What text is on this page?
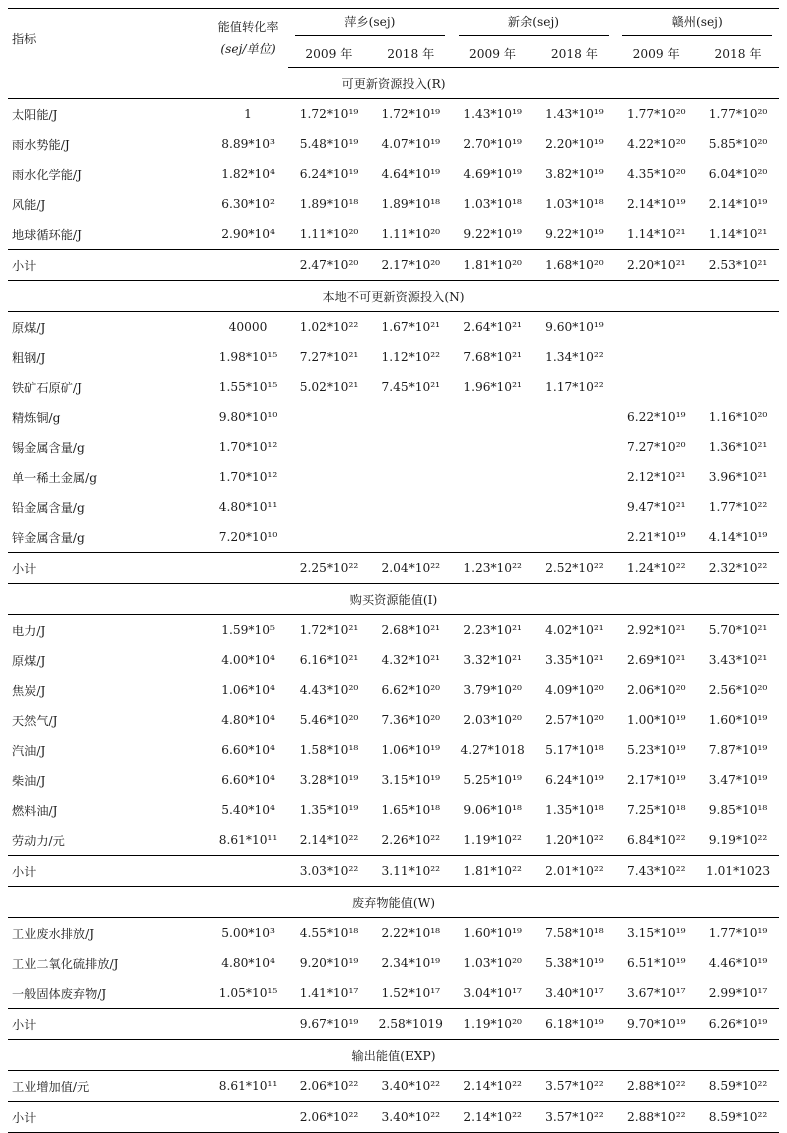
指标	能值转化率
(sej/单位)	萍乡(sej)		新余(sej)		赣州(sej)	
		2009 年	2018 年	2009 年	2018 年	2009 年	2018 年
可更新资源投入(R)							
太阳能/J	1	1.72*10¹⁹	1.72*10¹⁹	1.43*10¹⁹	1.43*10¹⁹	1.77*10²⁰	1.77*10²⁰
雨水势能/J	8.89*10³	5.48*10¹⁹	4.07*10¹⁹	2.70*10¹⁹	2.20*10¹⁹	4.22*10²⁰	5.85*10²⁰
雨水化学能/J	1.82*10⁴	6.24*10¹⁹	4.64*10¹⁹	4.69*10¹⁹	3.82*10¹⁹	4.35*10²⁰	6.04*10²⁰
风能/J	6.30*10²	1.89*10¹⁸	1.89*10¹⁸	1.03*10¹⁸	1.03*10¹⁸	2.14*10¹⁹	2.14*10¹⁹
地球循环能/J	2.90*10⁴	1.11*10²⁰	1.11*10²⁰	9.22*10¹⁹	9.22*10¹⁹	1.14*10²¹	1.14*10²¹
小计		2.47*10²⁰	2.17*10²⁰	1.81*10²⁰	1.68*10²⁰	2.20*10²¹	2.53*10²¹
本地不可更新资源投入(N)							
原煤/J	40000	1.02*10²²	1.67*10²¹	2.64*10²¹	9.60*10¹⁹		
粗钢/J	1.98*10¹⁵	7.27*10²¹	1.12*10²²	7.68*10²¹	1.34*10²²		
铁矿石原矿/J	1.55*10¹⁵	5.02*10²¹	7.45*10²¹	1.96*10²¹	1.17*10²²		
精炼铜/g	9.80*10¹⁰					6.22*10¹⁹	1.16*10²⁰
锡金属含量/g	1.70*10¹²					7.27*10²⁰	1.36*10²¹
单一稀土金属/g	1.70*10¹²					2.12*10²¹	3.96*10²¹
铅金属含量/g	4.80*10¹¹					9.47*10²¹	1.77*10²²
锌金属含量/g	7.20*10¹⁰					2.21*10¹⁹	4.14*10¹⁹
小计		2.25*10²²	2.04*10²²	1.23*10²²	2.52*10²²	1.24*10²²	2.32*10²²
购买资源能值(I)							
电力/J	1.59*10⁵	1.72*10²¹	2.68*10²¹	2.23*10²¹	4.02*10²¹	2.92*10²¹	5.70*10²¹
原煤/J	4.00*10⁴	6.16*10²¹	4.32*10²¹	3.32*10²¹	3.35*10²¹	2.69*10²¹	3.43*10²¹
焦炭/J	1.06*10⁴	4.43*10²⁰	6.62*10²⁰	3.79*10²⁰	4.09*10²⁰	2.06*10²⁰	2.56*10²⁰
天然气/J	4.80*10⁴	5.46*10²⁰	7.36*10²⁰	2.03*10²⁰	2.57*10²⁰	1.00*10¹⁹	1.60*10¹⁹
汽油/J	6.60*10⁴	1.58*10¹⁸	1.06*10¹⁹	4.27*1018	5.17*10¹⁸	5.23*10¹⁹	7.87*10¹⁹
柴油/J	6.60*10⁴	3.28*10¹⁹	3.15*10¹⁹	5.25*10¹⁹	6.24*10¹⁹	2.17*10¹⁹	3.47*10¹⁹
燃料油/J	5.40*10⁴	1.35*10¹⁹	1.65*10¹⁸	9.06*10¹⁸	1.35*10¹⁸	7.25*10¹⁸	9.85*10¹⁸
劳动力/元	8.61*10¹¹	2.14*10²²	2.26*10²²	1.19*10²²	1.20*10²²	6.84*10²²	9.19*10²²
小计		3.03*10²²	3.11*10²²	1.81*10²²	2.01*10²²	7.43*10²²	1.01*1023
废弃物能值(W)							
工业废水排放/J	5.00*10³	4.55*10¹⁸	2.22*10¹⁸	1.60*10¹⁹	7.58*10¹⁸	3.15*10¹⁹	1.77*10¹⁹
工业二氧化硫排放/J	4.80*10⁴	9.20*10¹⁹	2.34*10¹⁹	1.03*10²⁰	5.38*10¹⁹	6.51*10¹⁹	4.46*10¹⁹
一般固体废弃物/J	1.05*10¹⁵	1.41*10¹⁷	1.52*10¹⁷	3.04*10¹⁷	3.40*10¹⁷	3.67*10¹⁷	2.99*10¹⁷
小计		9.67*10¹⁹	2.58*1019	1.19*10²⁰	6.18*10¹⁹	9.70*10¹⁹	6.26*10¹⁹
输出能值(EXP)							
工业增加值/元	8.61*10¹¹	2.06*10²²	3.40*10²²	2.14*10²²	3.57*10²²	2.88*10²²	8.59*10²²
小计		2.06*10²²	3.40*10²²	2.14*10²²	3.57*10²²	2.88*10²²	8.59*10²²
